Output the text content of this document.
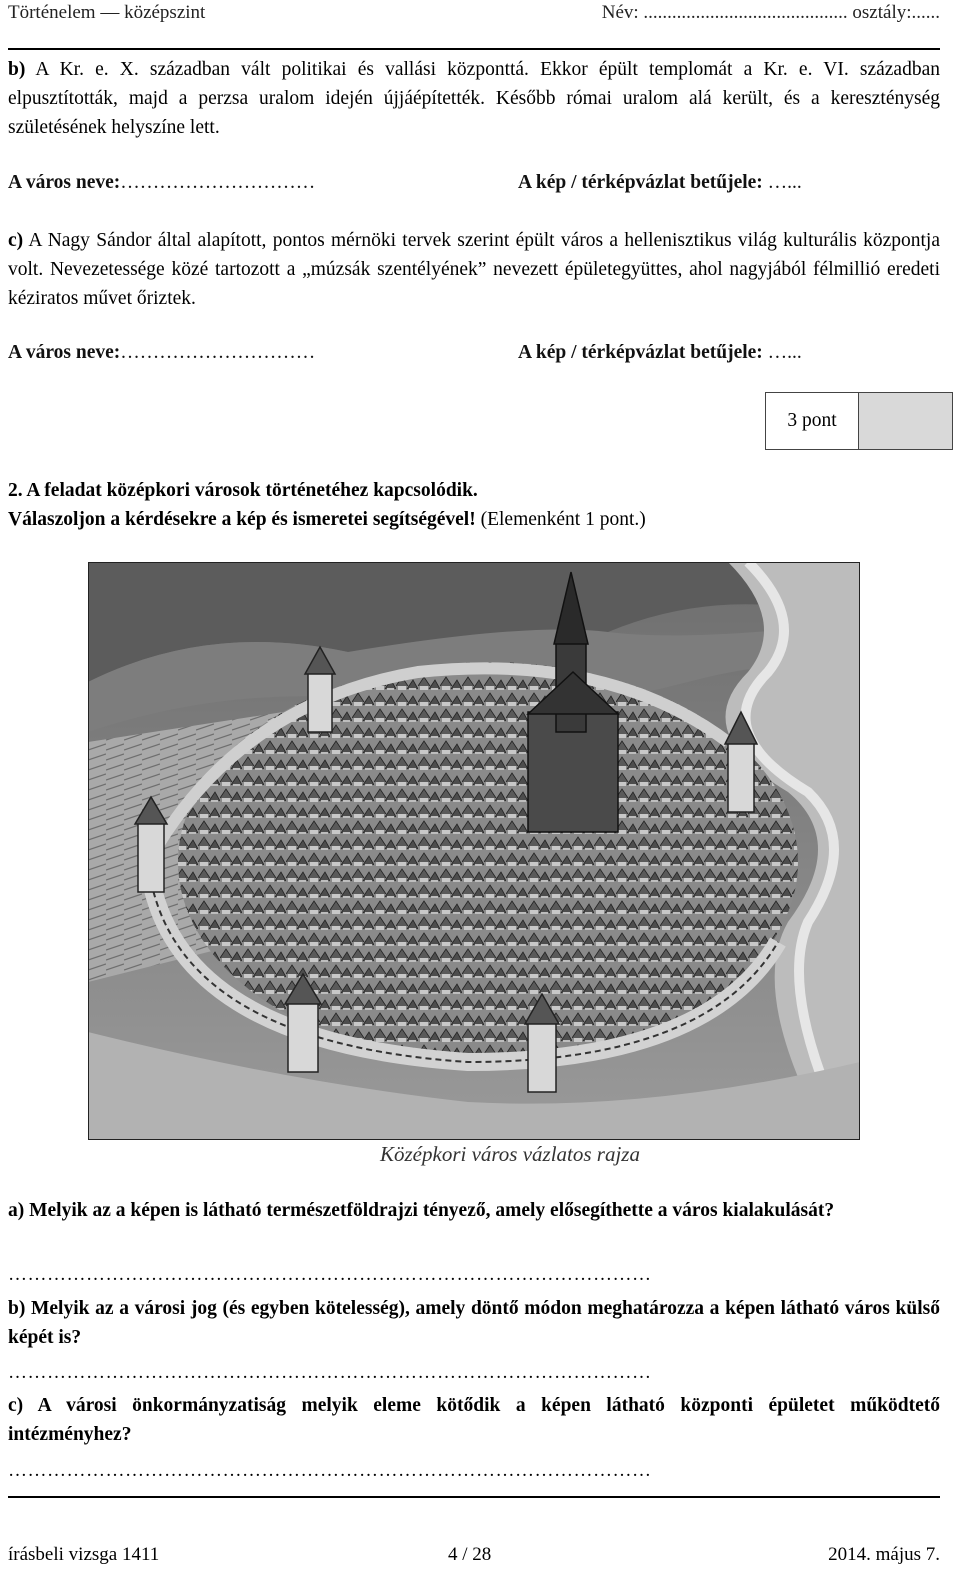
Történelem — középszint	Név: ........................................... osztály:......
b) A Kr. e. X. században vált politikai és vallási központtá. Ekkor épült templomát a Kr. e. VI. században elpusztították, majd a perzsa uralom idején újjáépítették. Később római uralom alá került, és a kereszténység születésének helyszíne lett.
A város neve:…………………………	A kép / térképvázlat betűjele: …...
c) A Nagy Sándor által alapított, pontos mérnöki tervek szerint épült város a hellenisztikus világ kulturális központja volt. Nevezetessége közé tartozott a „múzsák szentélyének” nevezett épületegyüttes, ahol nagyjából félmillió eredeti kéziratos művet őriztek.
A város neve:…………………………	A kép / térképvázlat betűjele: …...
3 pont
2. A feladat középkori városok történetéhez kapcsolódik.
Válaszoljon a kérdésekre a kép és ismeretei segítségével! (Elemenként 1 pont.)
Középkori város vázlatos rajza
a) Melyik az a képen is látható természetföldrajzi tényező, amely elősegíthette a város kialakulását?
………………………………………………………………………………………
b) Melyik az a városi jog (és egyben kötelesség), amely döntő módon meghatározza a képen látható város külső képét is?
………………………………………………………………………………………
c) A városi önkormányzatiság melyik eleme kötődik a képen látható központi épületet működtető intézményhez?
………………………………………………………………………………………
írásbeli vizsga 1411	4 / 28	2014. május 7.
